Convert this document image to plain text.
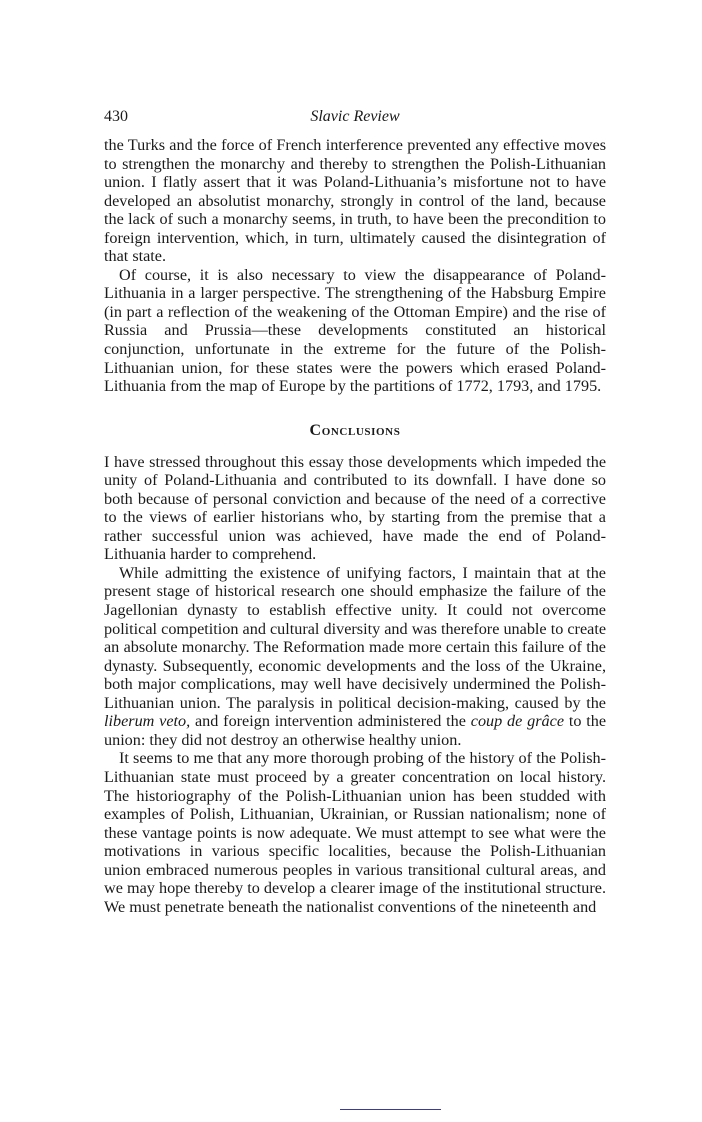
430	Slavic Review

the Turks and the force of French interference prevented any effective moves to strengthen the monarchy and thereby to strengthen the Polish-Lithuanian union. I flatly assert that it was Poland-Lithuania’s misfortune not to have developed an absolutist monarchy, strongly in control of the land, because the lack of such a monarchy seems, in truth, to have been the precondition to foreign intervention, which, in turn, ultimately caused the disintegration of that state.

Of course, it is also necessary to view the disappearance of Poland-Lithuania in a larger perspective. The strengthening of the Habsburg Empire (in part a reflection of the weakening of the Ottoman Empire) and the rise of Russia and Prussia—these developments constituted an historical conjunction, unfortunate in the extreme for the future of the Polish-Lithuanian union, for these states were the powers which erased Poland-Lithuania from the map of Europe by the partitions of 1772, 1793, and 1795.

Conclusions

I have stressed throughout this essay those developments which impeded the unity of Poland-Lithuania and contributed to its downfall. I have done so both because of personal conviction and because of the need of a corrective to the views of earlier historians who, by starting from the premise that a rather successful union was achieved, have made the end of Poland-Lithuania harder to comprehend.

While admitting the existence of unifying factors, I maintain that at the present stage of historical research one should emphasize the failure of the Jagellonian dynasty to establish effective unity. It could not overcome political competition and cultural diversity and was therefore unable to create an absolute monarchy. The Reformation made more certain this failure of the dynasty. Subsequently, economic developments and the loss of the Ukraine, both major complications, may well have decisively undermined the Polish-Lithuanian union. The paralysis in political decision-making, caused by the liberum veto, and foreign intervention administered the coup de grâce to the union: they did not destroy an otherwise healthy union.

It seems to me that any more thorough probing of the history of the Polish-Lithuanian state must proceed by a greater concentration on local history. The historiography of the Polish-Lithuanian union has been studded with examples of Polish, Lithuanian, Ukrainian, or Russian nationalism; none of these vantage points is now adequate. We must attempt to see what were the motivations in various specific localities, because the Polish-Lithuanian union embraced numerous peoples in various transitional cultural areas, and we may hope thereby to develop a clearer image of the institutional structure. We must penetrate beneath the nationalist conventions of the nineteenth and
